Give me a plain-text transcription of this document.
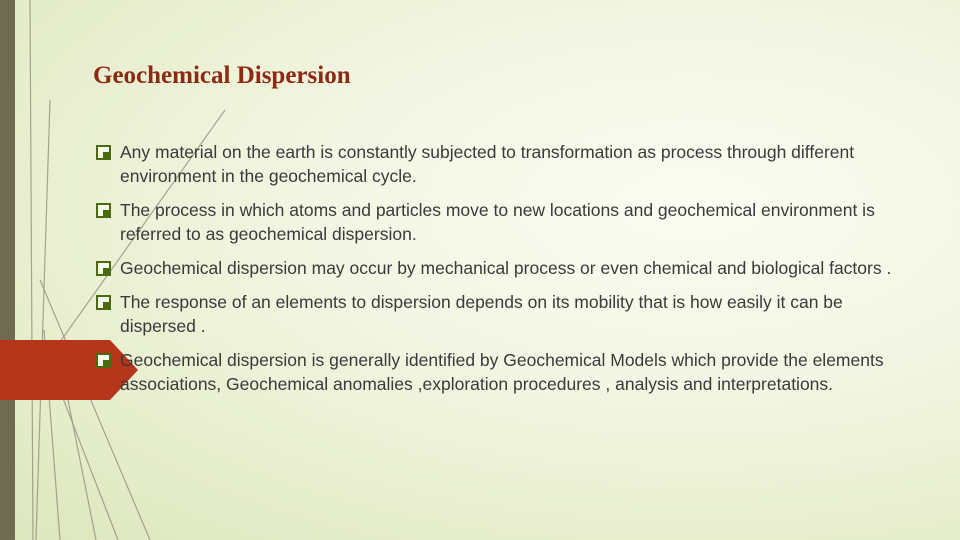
Geochemical Dispersion
Any material on the earth is constantly subjected to transformation as process through different environment in the geochemical cycle.
The process in which atoms and particles move to new locations and geochemical environment is referred to as geochemical dispersion.
Geochemical dispersion may occur by mechanical process or even chemical and biological factors .
The response of an elements to dispersion depends on its mobility that is how easily it can be dispersed .
Geochemical dispersion is generally identified by Geochemical Models which provide the elements associations, Geochemical anomalies ,exploration procedures , analysis and interpretations.
